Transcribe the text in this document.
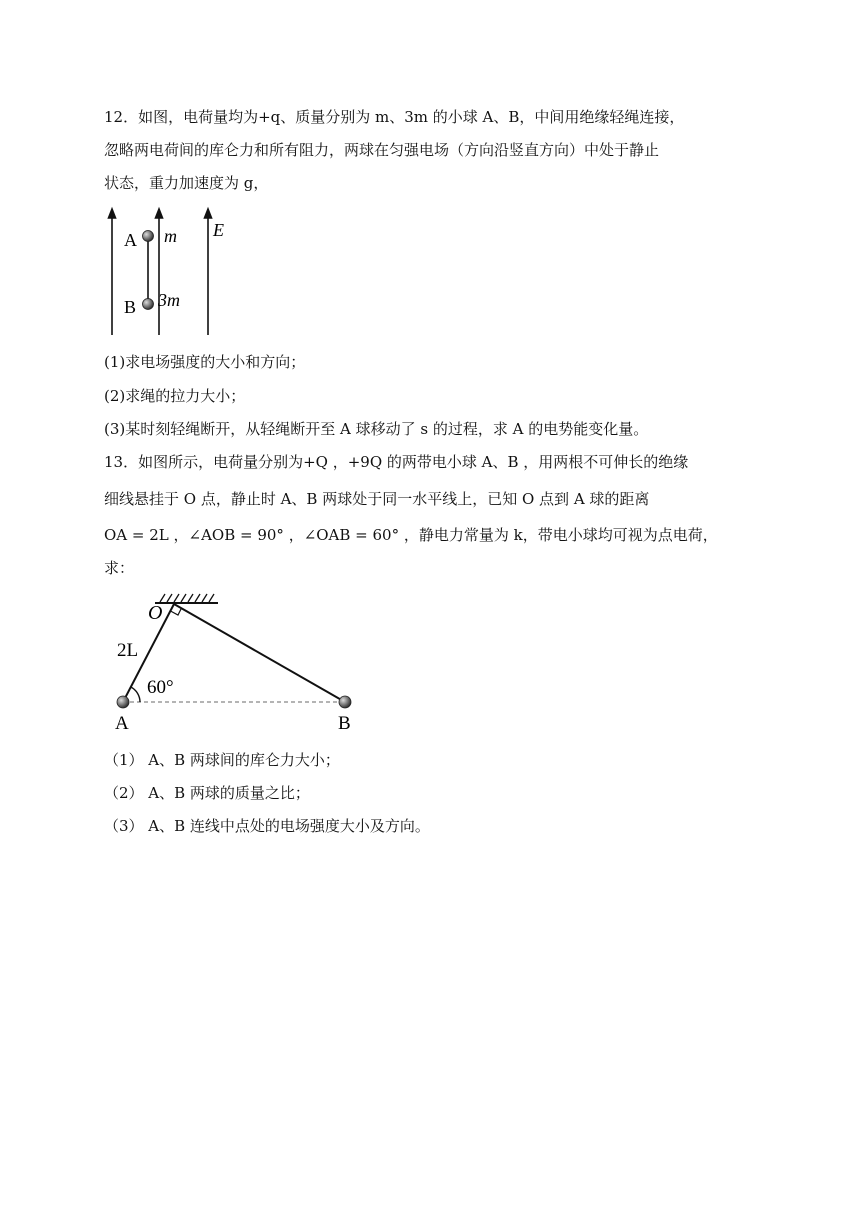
12．如图，电荷量均为+q、质量分别为 m、3m 的小球 A、B，中间用绝缘轻绳连接，
忽略两电荷间的库仑力和所有阻力，两球在匀强电场（方向沿竖直方向）中处于静止
状态，重力加速度为 g，
A
B
m
3m
E
(1)求电场强度的大小和方向；
(2)求绳的拉力大小；
(3)某时刻轻绳断开，从轻绳断开至 A 球移动了 s 的过程，求 A 的电势能变化量。
13．如图所示，电荷量分别为+Q ，+9Q 的两带电小球 A、B ，用两根不可伸长的绝缘
细线悬挂于 O 点，静止时 A、B 两球处于同一水平线上，已知 O 点到 A 球的距离
OA = 2L ，∠AOB = 90° ，∠OAB = 60° ，静电力常量为 k，带电小球均可视为点电荷，
求：
O
2L
60°
A	B
（1） A、B 两球间的库仑力大小；
（2） A、B 两球的质量之比；
（3） A、B 连线中点处的电场强度大小及方向。
